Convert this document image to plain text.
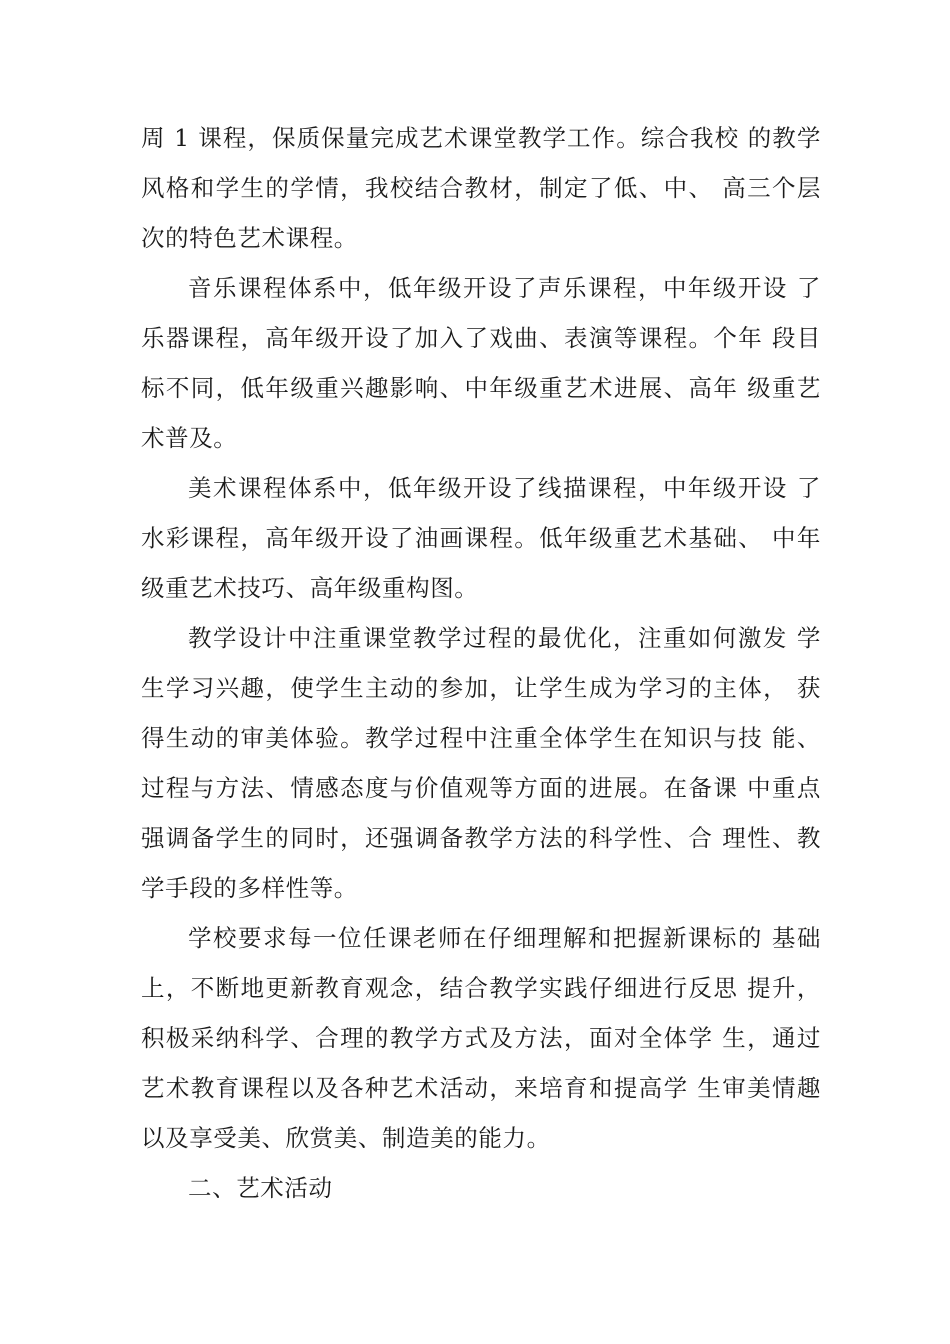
周 1 课程，保质保量完成艺术课堂教学工作。综合我校 的教学风格和学生的学情，我校结合教材，制定了低、中、 高三个层次的特色艺术课程。

音乐课程体系中，低年级开设了声乐课程，中年级开设 了乐器课程，高年级开设了加入了戏曲、表演等课程。个年 段目标不同，低年级重兴趣影响、中年级重艺术进展、高年 级重艺术普及。

美术课程体系中，低年级开设了线描课程，中年级开设 了水彩课程，高年级开设了油画课程。低年级重艺术基础、 中年级重艺术技巧、高年级重构图。

教学设计中注重课堂教学过程的最优化，注重如何激发 学生学习兴趣，使学生主动的参加，让学生成为学习的主体， 获得生动的审美体验。教学过程中注重全体学生在知识与技 能、过程与方法、情感态度与价值观等方面的进展。在备课 中重点强调备学生的同时，还强调备教学方法的科学性、合 理性、教学手段的多样性等。

学校要求每一位任课老师在仔细理解和把握新课标的 基础上，不断地更新教育观念，结合教学实践仔细进行反思 提升，积极采纳科学、合理的教学方式及方法，面对全体学 生，通过艺术教育课程以及各种艺术活动，来培育和提高学 生审美情趣以及享受美、欣赏美、制造美的能力。

二、艺术活动
